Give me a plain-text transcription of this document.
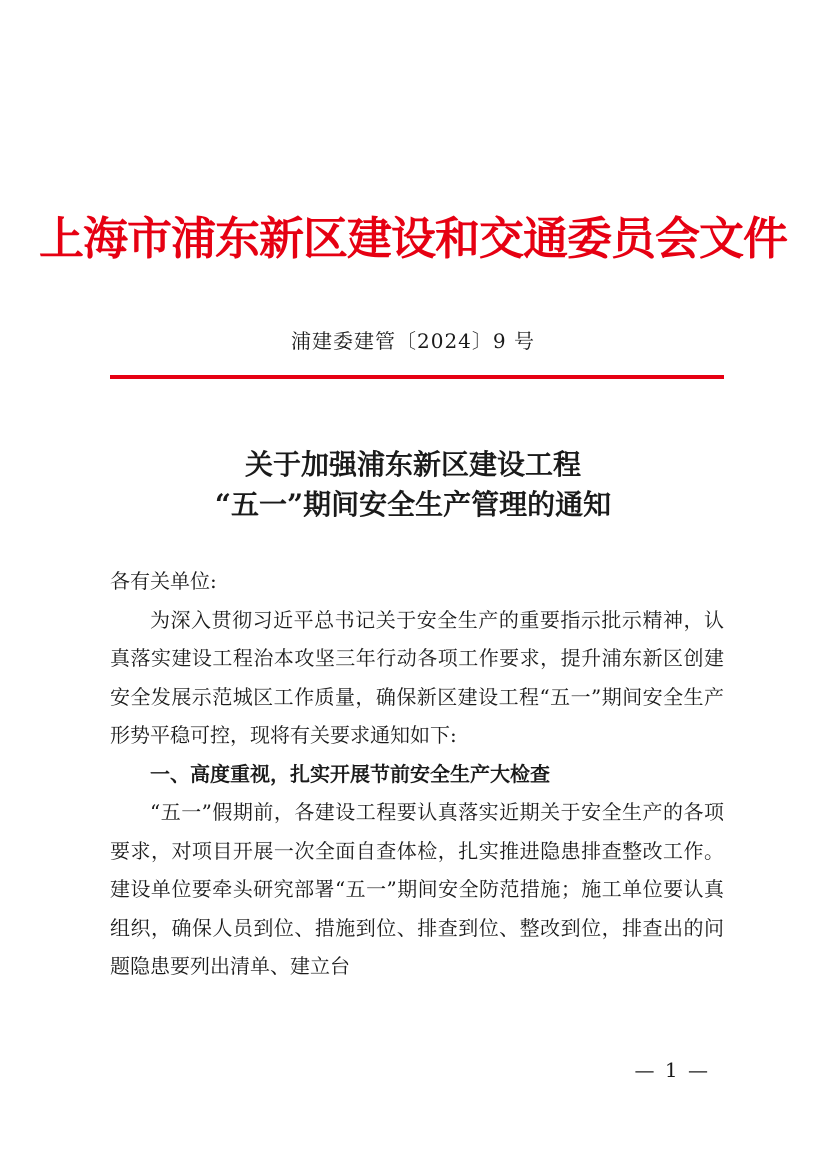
上海市浦东新区建设和交通委员会文件
浦建委建管〔2024〕9 号
关于加强浦东新区建设工程
“五一”期间安全生产管理的通知

各有关单位:

为深入贯彻习近平总书记关于安全生产的重要指示批示精神，认真落实建设工程治本攻坚三年行动各项工作要求，提升浦东新区创建安全发展示范城区工作质量，确保新区建设工程“五一”期间安全生产形势平稳可控，现将有关要求通知如下:

一、高度重视，扎实开展节前安全生产大检查

“五一”假期前，各建设工程要认真落实近期关于安全生产的各项要求，对项目开展一次全面自查体检，扎实推进隐患排查整改工作。建设单位要牵头研究部署“五一”期间安全防范措施；施工单位要认真组织，确保人员到位、措施到位、排查到位、整改到位，排查出的问题隐患要列出清单、建立台

— 1 —
